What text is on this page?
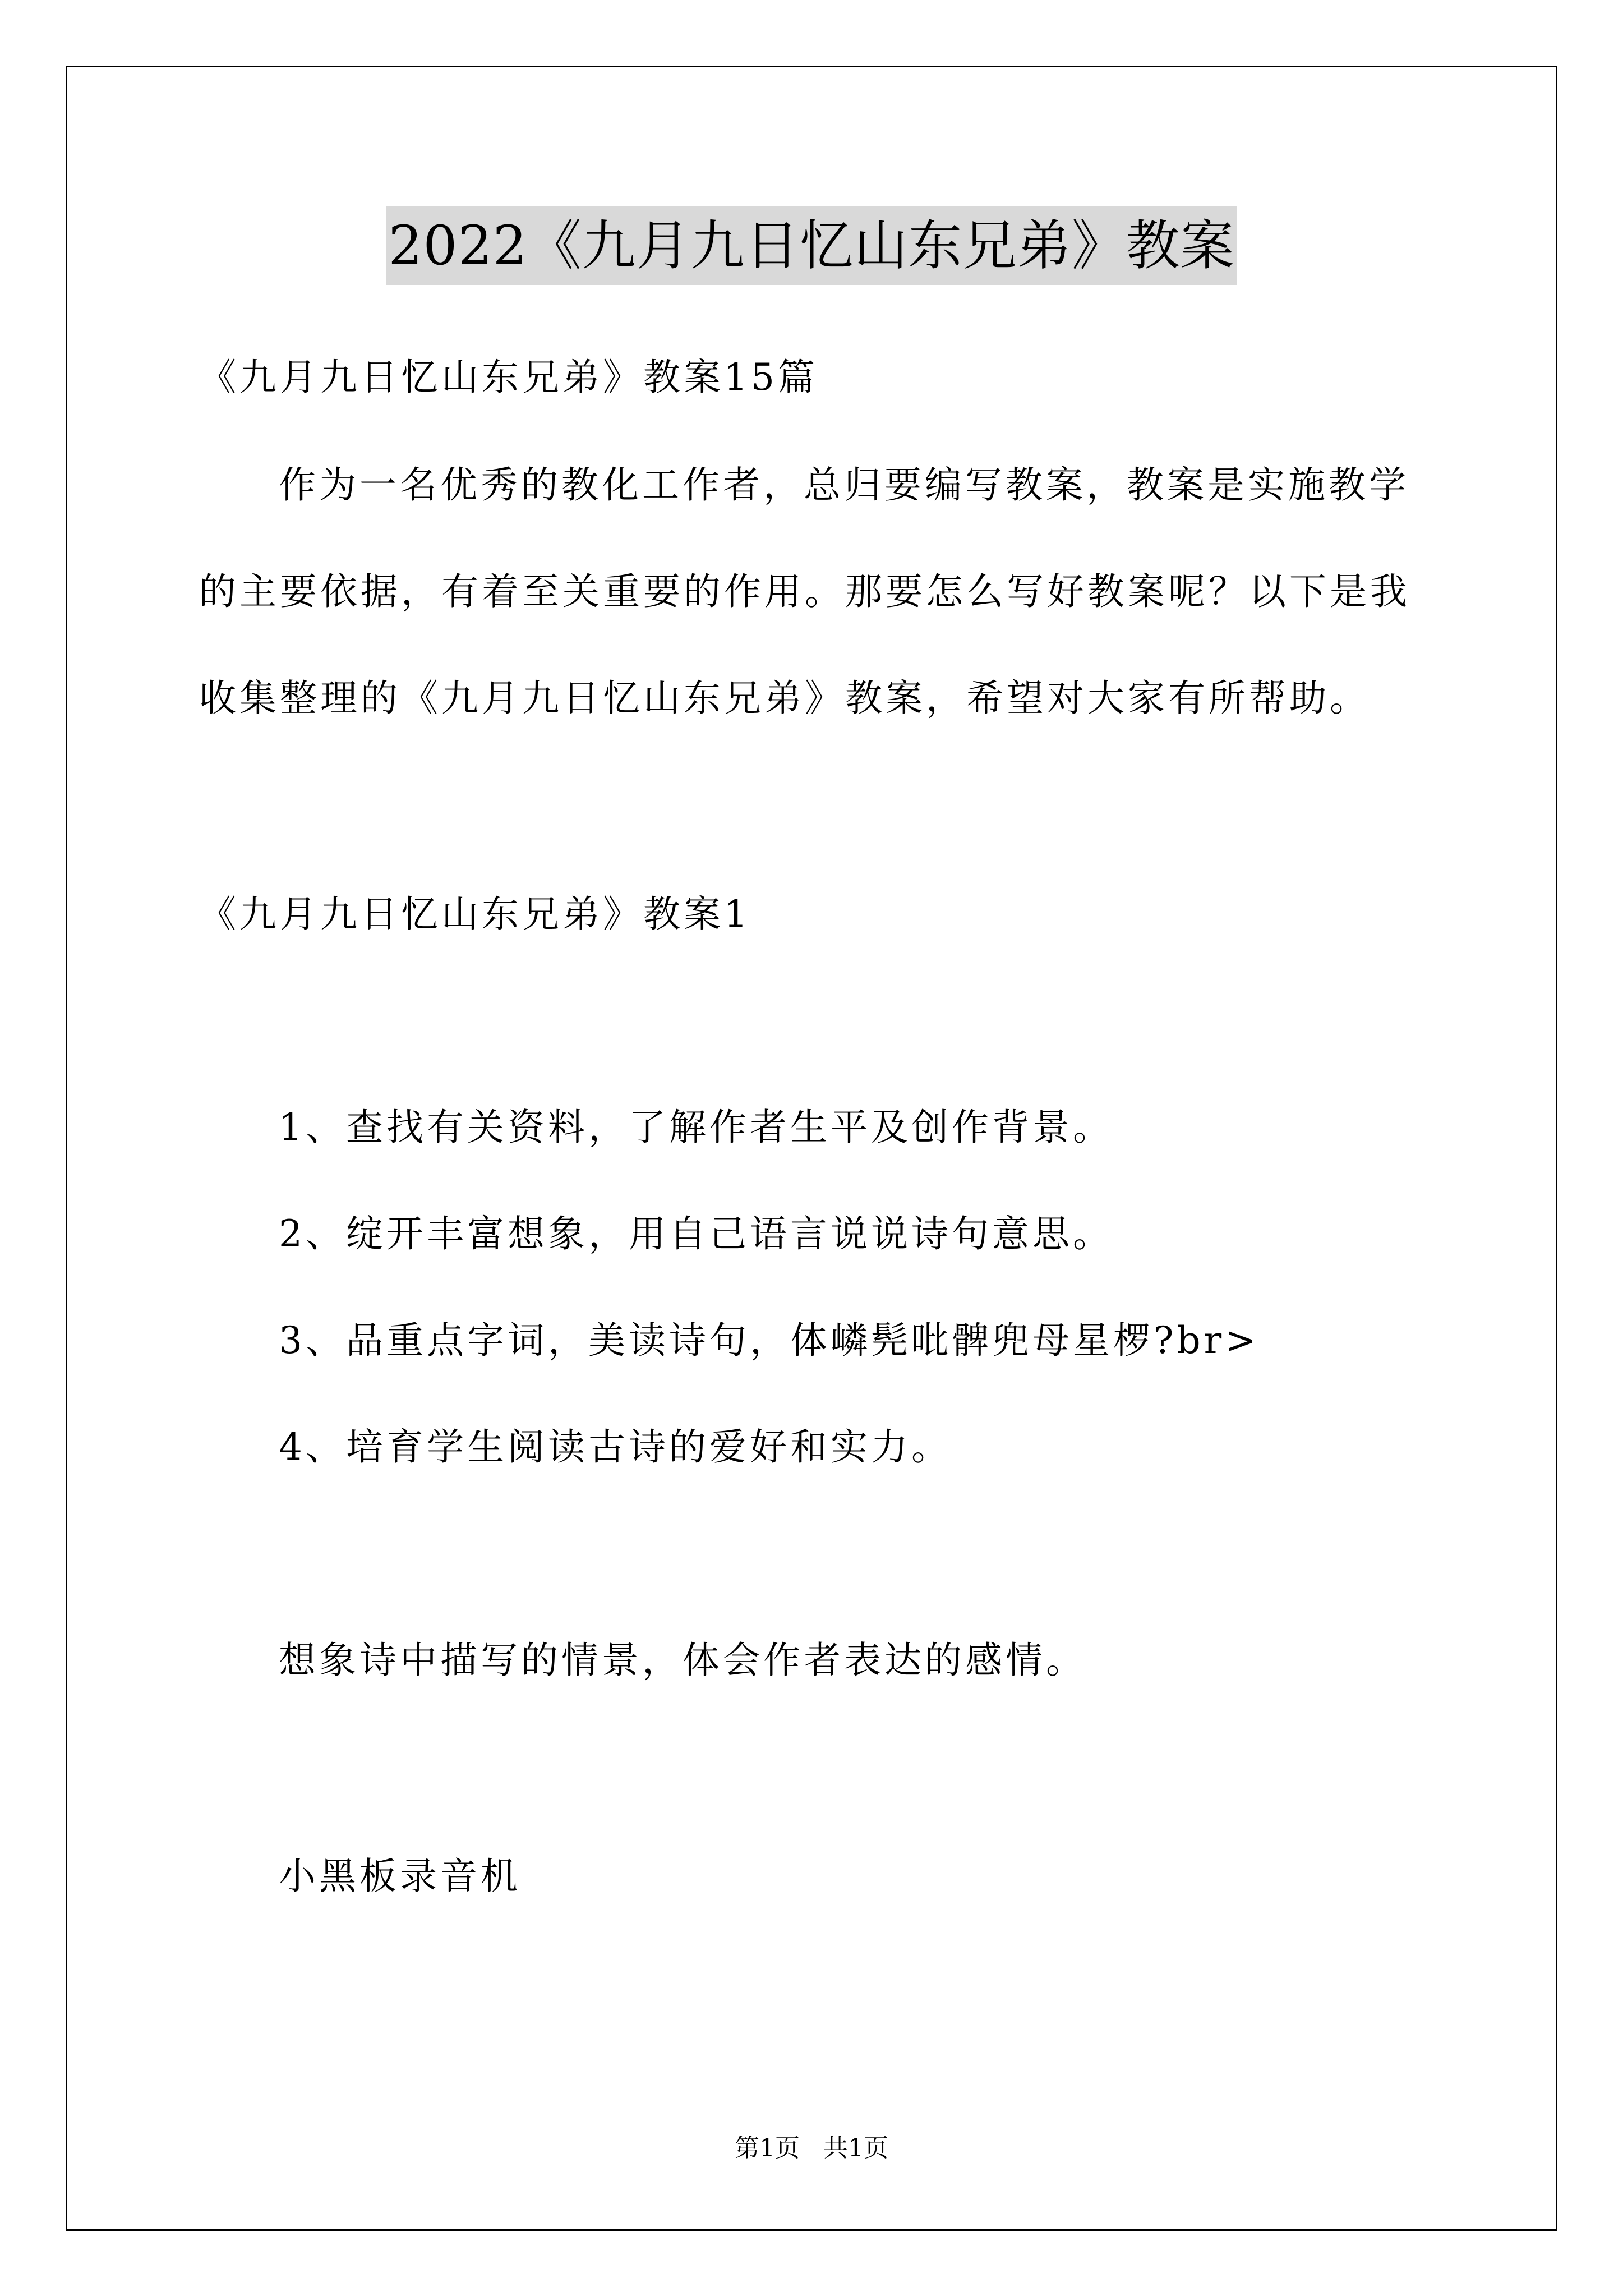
2022《九月九日忆山东兄弟》教案
《九月九日忆山东兄弟》教案15篇
作为一名优秀的教化工作者，总归要编写教案，教案是实施教学
的主要依据，有着至关重要的作用。那要怎么写好教案呢？以下是我
收集整理的《九月九日忆山东兄弟》教案，希望对大家有所帮助。
《九月九日忆山东兄弟》教案1
1、查找有关资料，了解作者生平及创作背景。
2、绽开丰富想象，用自己语言说说诗句意思。
3、品重点字词，美读诗句，体嶙髡吡髀兜母星椤?br>
4、培育学生阅读古诗的爱好和实力。
想象诗中描写的情景，体会作者表达的感情。
小黑板录音机
第1页   共1页
